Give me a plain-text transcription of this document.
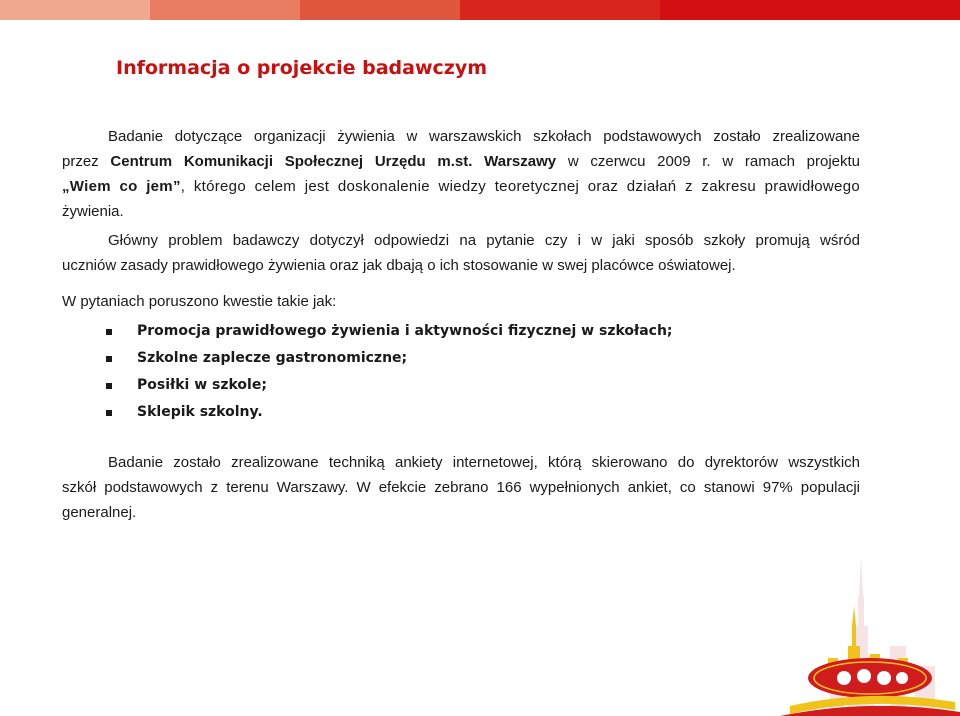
Informacja o projekcie badawczym
Badanie dotyczące organizacji żywienia w warszawskich szkołach podstawowych zostało zrealizowane
przez Centrum Komunikacji Społecznej Urzędu m.st. Warszawy w czerwcu 2009 r. w ramach projektu
„Wiem co jem”, którego celem jest doskonalenie wiedzy teoretycznej oraz działań z zakresu prawidłowego
żywienia.
Główny problem badawczy dotyczył odpowiedzi na pytanie czy i w jaki sposób szkoły promują wśród
uczniów zasady prawidłowego żywienia oraz jak dbają o ich stosowanie w swej placówce oświatowej.
W pytaniach poruszono kwestie takie jak:
Promocja prawidłowego żywienia i aktywności fizycznej w szkołach;
Szkolne zaplecze gastronomiczne;
Posiłki w szkole;
Sklepik szkolny.
Badanie zostało zrealizowane techniką ankiety internetowej, którą skierowano do dyrektorów wszystkich
szkół podstawowych z terenu Warszawy. W efekcie zebrano 166 wypełnionych ankiet, co stanowi 97% populacji
generalnej.
